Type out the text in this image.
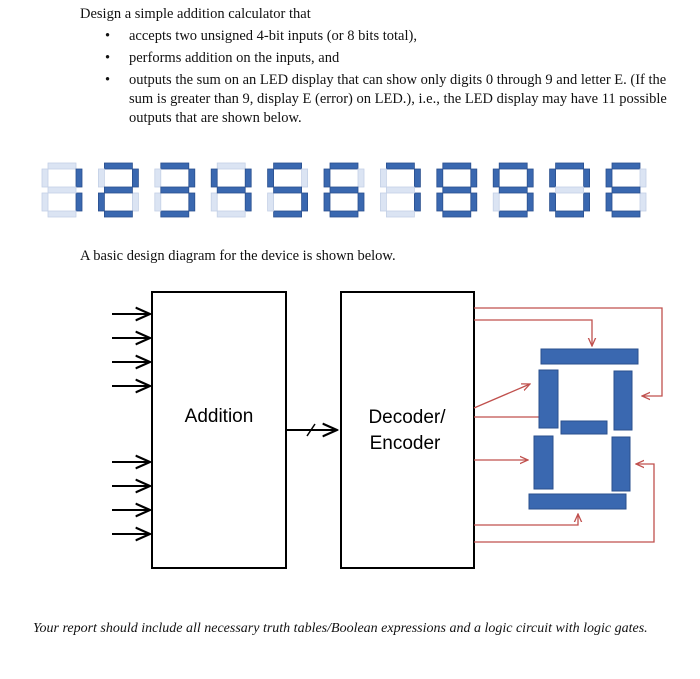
Design a simple addition calculator that
• accepts two unsigned 4-bit inputs (or 8 bits total),
• performs addition on the inputs, and
• outputs the sum on an LED display that can show only digits 0 through 9 and letter E. (If the sum is greater than 9, display E (error) on LED.), i.e., the LED display may have 11 possible outputs that are shown below.
A basic design diagram for the device is shown below.
Addition	Decoder/
Encoder
Your report should include all necessary truth tables/Boolean expressions and a logic circuit with logic gates.
